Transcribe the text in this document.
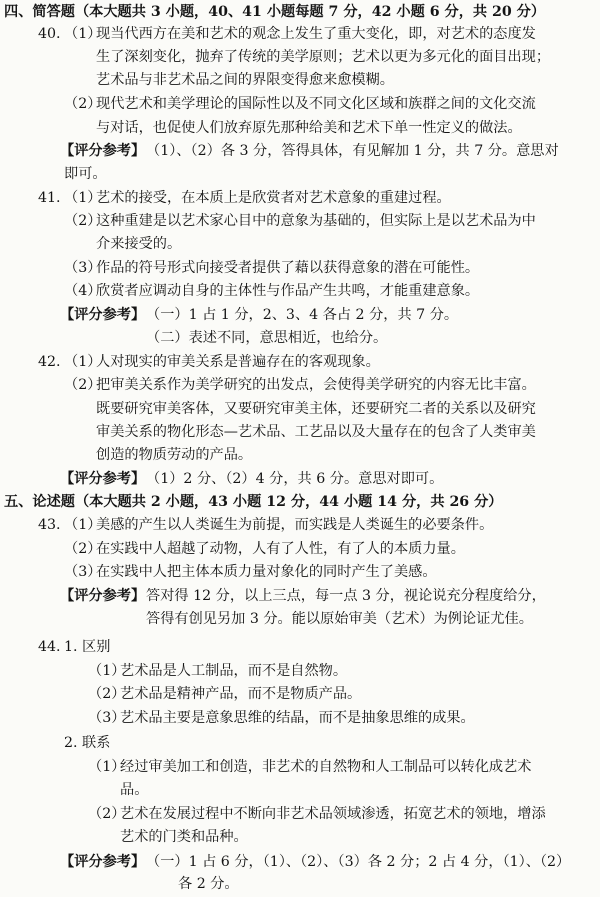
四、简答题（本大题共 3 小题，40、41 小题每题 7 分，42 小题 6 分，共 20 分）
40. （1）
现当代西方在美和艺术的观念上发生了重大变化，即，对艺术的态度发
生了深刻变化，抛弃了传统的美学原则；艺术以更为多元化的面目出现；
艺术品与非艺术品之间的界限变得愈来愈模糊。
（2）
现代艺术和美学理论的国际性以及不同文化区域和族群之间的文化交流
与对话，也促使人们放弃原先那种给美和艺术下单一性定义的做法。
【评分参考】 （1）、（2）各 3 分，答得具体，有见解加 1 分，共 7 分。意思对
即可。
41. （1）
艺术的接受，在本质上是欣赏者对艺术意象的重建过程。
（2）
这种重建是以艺术家心目中的意象为基础的，但实际上是以艺术品为中
介来接受的。
（3）
作品的符号形式向接受者提供了藉以获得意象的潜在可能性。
（4）
欣赏者应调动自身的主体性与作品产生共鸣，才能重建意象。
【评分参考】 （一）1 占 1 分，2、3、4 各占 2 分，共 7 分。
（二）表述不同，意思相近，也给分。
42. （1）
人对现实的审美关系是普遍存在的客观现象。
（2）
把审美关系作为美学研究的出发点，会使得美学研究的内容无比丰富。
既要研究审美客体，又要研究审美主体，还要研究二者的关系以及研究
审美关系的物化形态—艺术品、工艺品以及大量存在的包含了人类审美
创造的物质劳动的产品。
【评分参考】 （1）2 分、（2）4 分，共 6 分。意思对即可。
五、论述题（本大题共 2 小题，43 小题 12 分，44 小题 14 分，共 26 分）
43. （1）
美感的产生以人类诞生为前提，而实践是人类诞生的必要条件。
（2）
在实践中人超越了动物，人有了人性，有了人的本质力量。
（3）
在实践中人把主体本质力量对象化的同时产生了美感。
【评分参考】 答对得 12 分，以上三点，每一点 3 分，视论说充分程度给分，
答得有创见另加 3 分。能以原始审美（艺术）为例论证尤佳。
44. 1. 区别
（1）
艺术品是人工制品，而不是自然物。
（2）
艺术品是精神产品，而不是物质产品。
（3）
艺术品主要是意象思维的结晶，而不是抽象思维的成果。
2. 联系
（1）
经过审美加工和创造，非艺术的自然物和人工制品可以转化成艺术
品。
（2）
艺术在发展过程中不断向非艺术品领域渗透，拓宽艺术的领地，增添
艺术的门类和品种。
【评分参考】 （一）1 占 6 分，（1）、（2）、（3）各 2 分；2 占 4 分，（1）、（2）
各 2 分。
